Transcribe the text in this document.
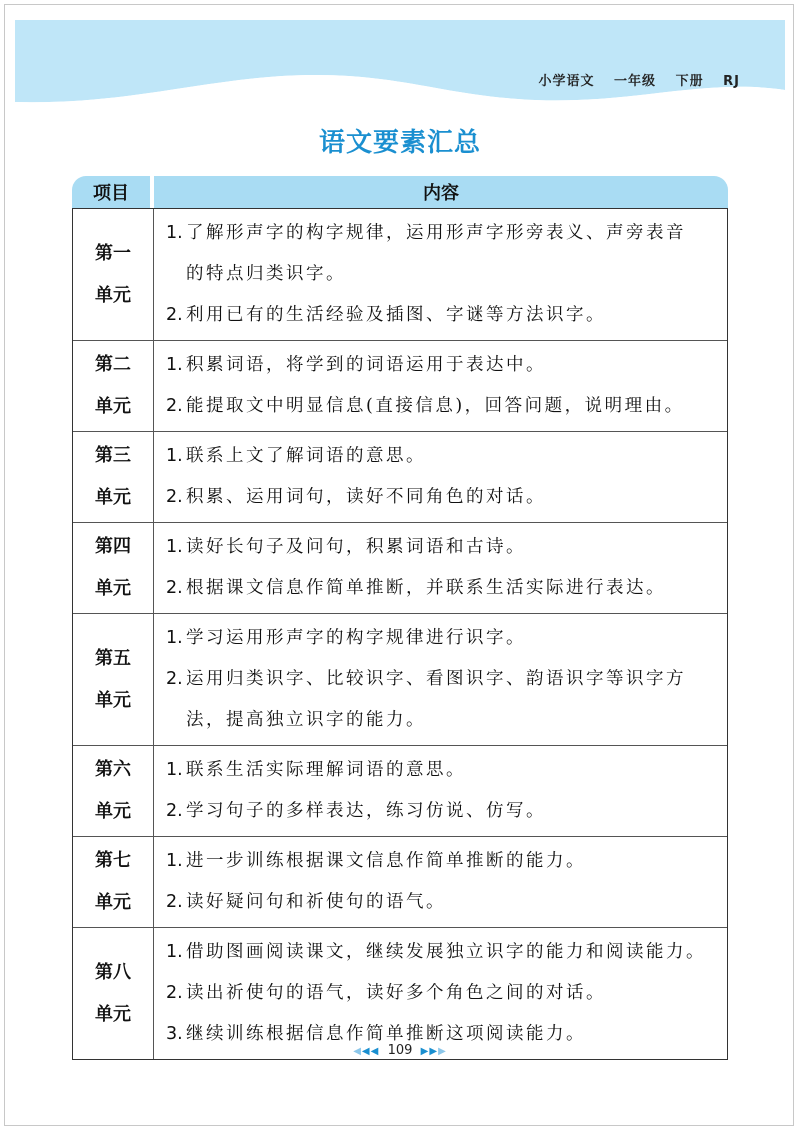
小学语文 一年级 下册 RJ
语文要素汇总
项目	内容
第一
单元
1. 了解形声字的构字规律，运用形声字形旁表义、声旁表音
的特点归类识字。
2. 利用已有的生活经验及插图、字谜等方法识字。
第二
单元
1. 积累词语，将学到的词语运用于表达中。
2. 能提取文中明显信息(直接信息)，回答问题，说明理由。
第三
单元
1. 联系上文了解词语的意思。
2. 积累、运用词句，读好不同角色的对话。
第四
单元
1. 读好长句子及问句，积累词语和古诗。
2. 根据课文信息作简单推断，并联系生活实际进行表达。
第五
单元
1. 学习运用形声字的构字规律进行识字。
2. 运用归类识字、比较识字、看图识字、韵语识字等识字方
法，提高独立识字的能力。
第六
单元
1. 联系生活实际理解词语的意思。
2. 学习句子的多样表达，练习仿说、仿写。
第七
单元
1. 进一步训练根据课文信息作简单推断的能力。
2. 读好疑问句和祈使句的语气。
第八
单元
1. 借助图画阅读课文，继续发展独立识字的能力和阅读能力。
2. 读出祈使句的语气，读好多个角色之间的对话。
3. 继续训练根据信息作简单推断这项阅读能力。
◀◀◀ 109 ▶▶▶
